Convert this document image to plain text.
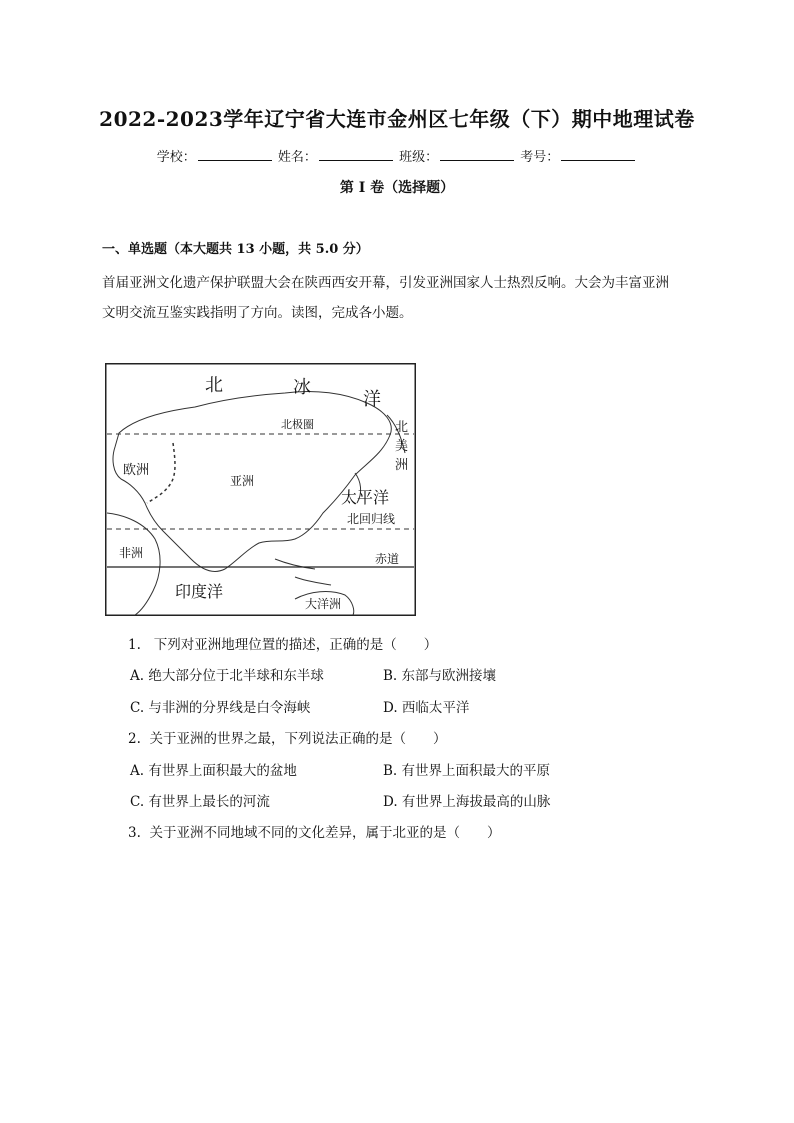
2022-2023学年辽宁省大连市金州区七年级（下）期中地理试卷
学校：	姓名：	班级：	考号：
第 I 卷（选择题）
一、单选题（本大题共 13 小题，共 5.0 分）
首届亚洲文化遗产保护联盟大会在陕西西安开幕，引发亚洲国家人士热烈反响。大会为丰富亚洲
文明交流互鉴实践指明了方向。读图，完成各小题。
北	冰
洋
北极圈	北
美
洲
欧洲
亚洲
太平洋
北回归线
非洲	赤道
印度洋
大洋洲
1. 下列对亚洲地理位置的描述，正确的是（　　）
A. 绝大部分位于北半球和东半球	B. 东部与欧洲接壤
C. 与非洲的分界线是白令海峡	D. 西临太平洋
2. 关于亚洲的世界之最，下列说法正确的是（　　）
A. 有世界上面积最大的盆地	B. 有世界上面积最大的平原
C. 有世界上最长的河流	D. 有世界上海拔最高的山脉
3. 关于亚洲不同地域不同的文化差异，属于北亚的是（　　）
